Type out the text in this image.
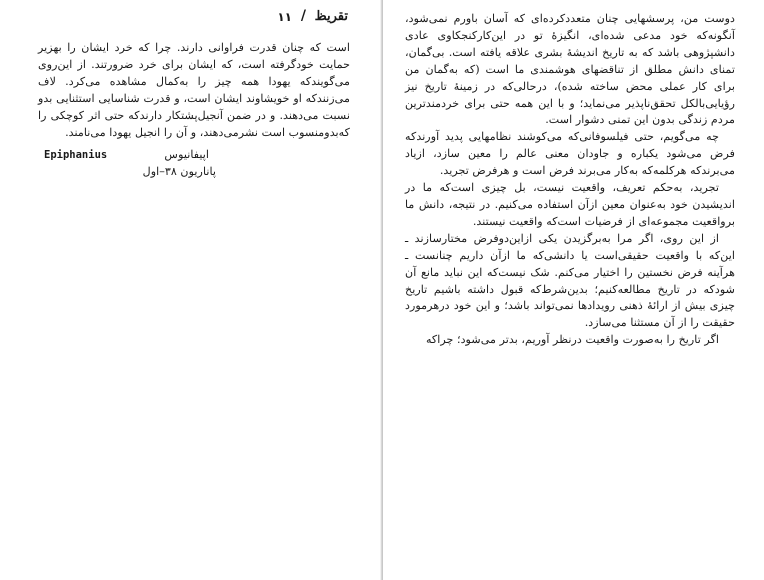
تقریظ
/
۱۱

است که چنان قدرت فراوانی دارند. چرا که خرد ایشان را بهزیر حمایت خودگرفته است، که ایشان برای خرد ضرورتند. از این‌روی می‌گویندکه یهودا همه چیز را به‌کمال مشاهده می‌کرد. لاف می‌زنندکه او خویشاوند ایشان است، و قدرت شناسایی استثنایی بدو نسبت می‌دهند. و در ضمن آنجیل‌پشتکار دارندکه حتی اثر کوچکی را که‌بدومنسوب است نشرمی‌دهند، و آن را انجیل یهودا می‌نامند.

اپیفانیوس
Epiphanius
پاناریون ۳۸–اول

دوست من، پرسشهایی چنان متعددکرده‌ای که آسان باورم نمی‌شود، آنگونه‌که خود مدعی شده‌ای، انگیزهٔ تو در این‌کارکنجکاوی عادی دانشپژوهی باشد که به تاریخ اندیشهٔ بشری علاقه یافته است. بی‌گمان، تمنای دانش مطلق از تناقضهای هوشمندی ما است (که به‌گمان من برای کار عملی محض ساخته شده)، درحالی‌که در زمینهٔ تاریخ نیز رؤیایی‌بالکل تحقق‌ناپذیر می‌نماید؛ و با این همه حتی برای خردمندترین مردم زندگی بدون این تمنی دشوار است.

چه می‌گویم، حتی فیلسوفانی‌که می‌کوشند نظامهایی پدید آورندکه فرض می‌شود یکباره و جاودان معنی عالم را معین سازد، ازیاد می‌برندکه هرکلمه‌که به‌کار می‌برند فرض است و هرفرض تجرید.

تجرید، به‌حکم تعریف، واقعیت نیست، بل چیزی است‌که ما در اندیشیدن خود به‌عنوان معین ازآن استفاده می‌کنیم. در نتیجه، دانش ما برواقعیت مجموعه‌ای از فرضیات است‌که واقعیت نیستند.

از این روی، اگر مرا به‌برگزیدن یکی ازاین‌دوفرض مختارسازند ـ این‌که با واقعیت حقیقی‌است یا دانشی‌که ما ازآن داریم چنانست ـ هرآینه فرض نخستین را اختیار می‌کنم. شک نیست‌که این نباید مانع آن شودکه در تاریخ مطالعه‌کنیم؛ بدین‌شرط‌که قبول داشته باشیم تاریخ چیزی بیش از ارائهٔ ذهنی رویدادها نمی‌تواند باشد؛ و این خود درهرمورد حقیقت را از آن مستثنا می‌سازد.

اگر تاریخ را به‌صورت واقعیت درنظر آوریم، بدتر می‌شود؛ چراکه
